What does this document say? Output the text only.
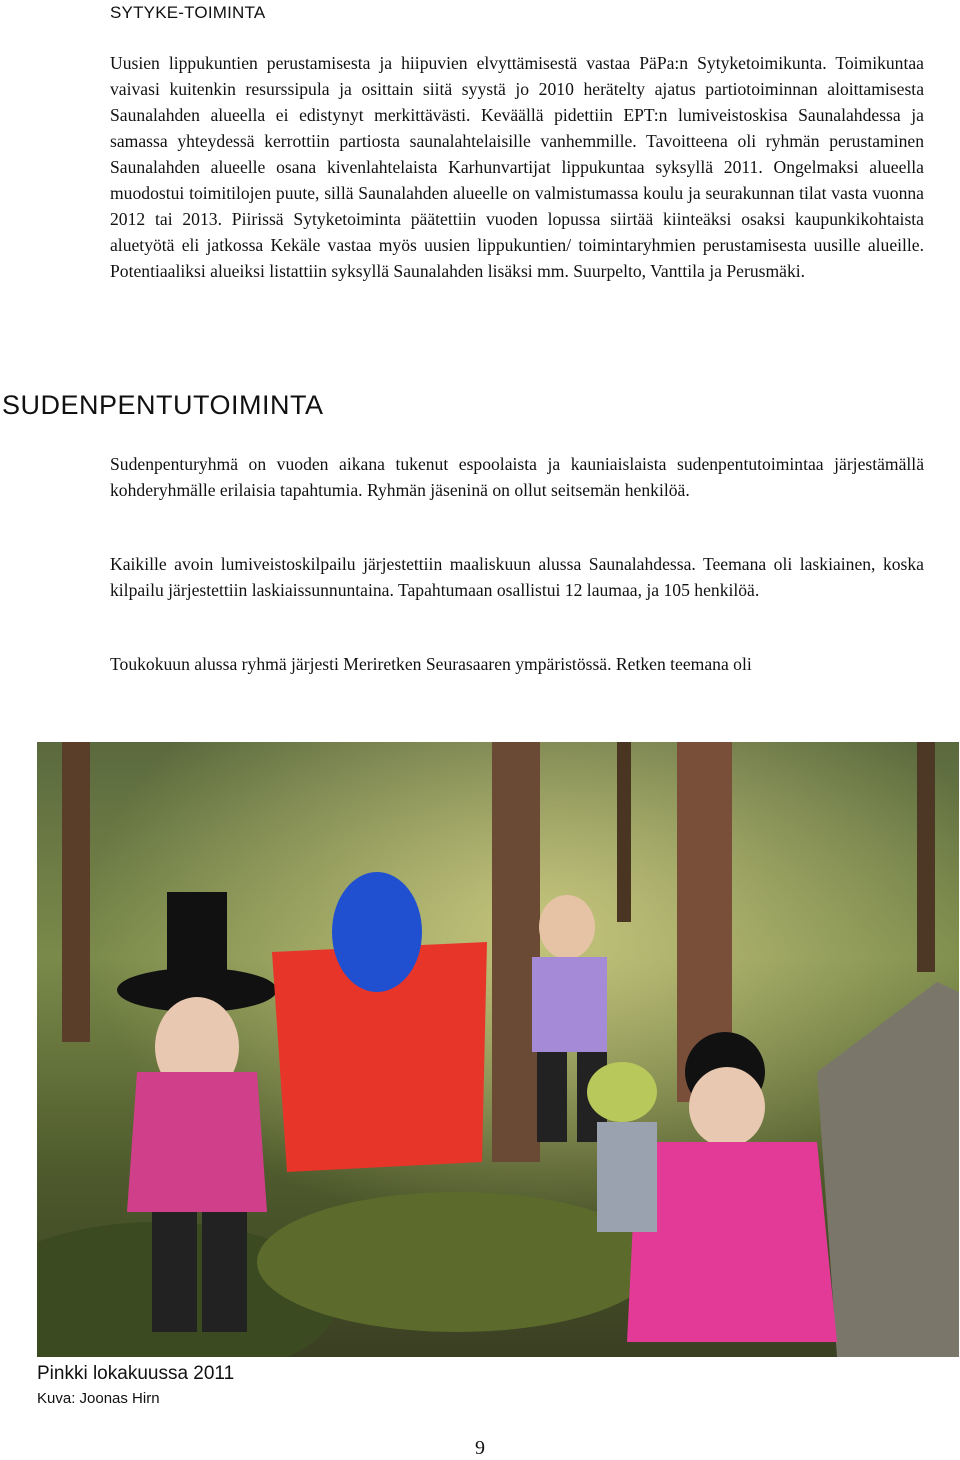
SYTYKE-TOIMINTA

Uusien lippukuntien perustamisesta ja hiipuvien elvyttämisestä vastaa PäPa:n Sytyketoimikunta. Toimikuntaa vaivasi kuitenkin resurssipula ja osittain siitä syystä jo 2010 herätelty ajatus partiotoiminnan aloittamisesta Saunalahden alueella ei edistynyt merkittävästi. Keväällä pidettiin EPT:n lumiveistoskisa Saunalahdessa ja samassa yhteydessä kerrottiin partiosta saunalahtelaisille vanhemmille. Tavoitteena oli ryhmän perustaminen Saunalahden alueelle osana kivenlahtelaista Karhunvartijat lippukuntaa syksyllä 2011. Ongelmaksi alueella muodostui toimitilojen puute, sillä Saunalahden alueelle on valmistumassa koulu ja seurakunnan tilat vasta vuonna 2012 tai 2013. Piirissä Sytyketoiminta päätettiin vuoden lopussa siirtää kiinteäksi osaksi kaupunkikohtaista aluetyötä eli jatkossa Kekäle vastaa myös uusien lippukuntien/ toimintaryhmien perustamisesta uusille alueille. Potentiaaliksi alueiksi listattiin syksyllä Saunalahden lisäksi mm. Suurpelto, Vanttila ja Perusmäki.

SUDENPENTUTOIMINTA

Sudenpenturyhmä on vuoden aikana tukenut espoolaista ja kauniaislaista sudenpentutoimintaa järjestämällä kohderyhmälle erilaisia tapahtumia. Ryhmän jäseninä on ollut seitsemän henkilöä.

Kaikille avoin lumiveistoskilpailu järjestettiin maaliskuun alussa Saunalahdessa. Teemana oli laskiainen, koska kilpailu järjestettiin laskiaissunnuntaina. Tapahtumaan osallistui 12 laumaa, ja 105 henkilöä.

Toukokuun alussa ryhmä järjesti Meriretken Seurasaaren ympäristössä. Retken teemana oli

Pinkki lokakuussa 2011
Kuva: Joonas Hirn
9
